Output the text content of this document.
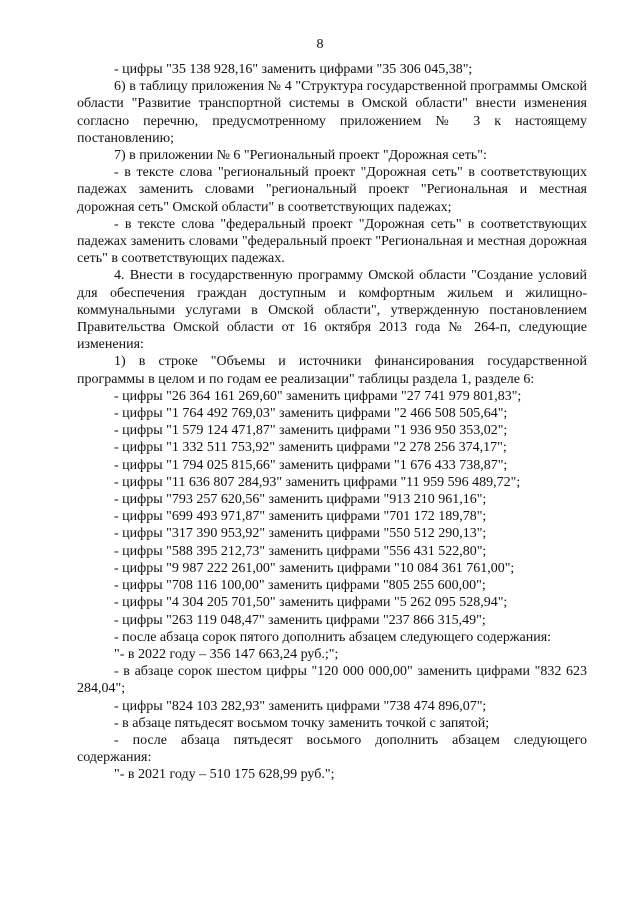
8

- цифры "35 138 928,16" заменить цифрами "35 306 045,38";

6) в таблицу приложения № 4 "Структура государственной программы Омской области "Развитие транспортной системы в Омской области" внести изменения согласно перечню, предусмотренному приложением № 3 к настоящему постановлению;

7) в приложении № 6 "Региональный проект "Дорожная сеть":

- в тексте слова "региональный проект "Дорожная сеть" в соответствующих падежах заменить словами "региональный проект "Региональная и местная дорожная сеть" Омской области" в соответствующих падежах;

- в тексте слова "федеральный проект "Дорожная сеть" в соответствующих падежах заменить словами "федеральный проект "Региональная и местная дорожная сеть" в соответствующих падежах.

4. Внести в государственную программу Омской области "Создание условий для обеспечения граждан доступным и комфортным жильем и жилищно-коммунальными услугами в Омской области", утвержденную постановлением Правительства Омской области от 16 октября 2013 года № 264-п, следующие изменения:

1) в строке "Объемы и источники финансирования государственной программы в целом и по годам ее реализации" таблицы раздела 1, разделе 6:

- цифры "26 364 161 269,60" заменить цифрами "27 741 979 801,83";

- цифры "1 764 492 769,03" заменить цифрами "2 466 508 505,64";

- цифры "1 579 124 471,87" заменить цифрами "1 936 950 353,02";

- цифры "1 332 511 753,92" заменить цифрами "2 278 256 374,17";

- цифры "1 794 025 815,66" заменить цифрами "1 676 433 738,87";

- цифры "11 636 807 284,93" заменить цифрами "11 959 596 489,72";

- цифры "793 257 620,56" заменить цифрами "913 210 961,16";

- цифры "699 493 971,87" заменить цифрами "701 172 189,78";

- цифры "317 390 953,92" заменить цифрами "550 512 290,13";

- цифры "588 395 212,73" заменить цифрами "556 431 522,80";

- цифры "9 987 222 261,00" заменить цифрами "10 084 361 761,00";

- цифры "708 116 100,00" заменить цифрами "805 255 600,00";

- цифры "4 304 205 701,50" заменить цифрами "5 262 095 528,94";

- цифры "263 119 048,47" заменить цифрами "237 866 315,49";

- после абзаца сорок пятого дополнить абзацем следующего содержания:

"- в 2022 году – 356 147 663,24 руб.;";

- в абзаце сорок шестом цифры "120 000 000,00" заменить цифрами "832 623 284,04";

- цифры "824 103 282,93" заменить цифрами "738 474 896,07";

- в абзаце пятьдесят восьмом точку заменить точкой с запятой;

- после абзаца пятьдесят восьмого дополнить абзацем следующего содержания:

"- в 2021 году – 510 175 628,99 руб.";
